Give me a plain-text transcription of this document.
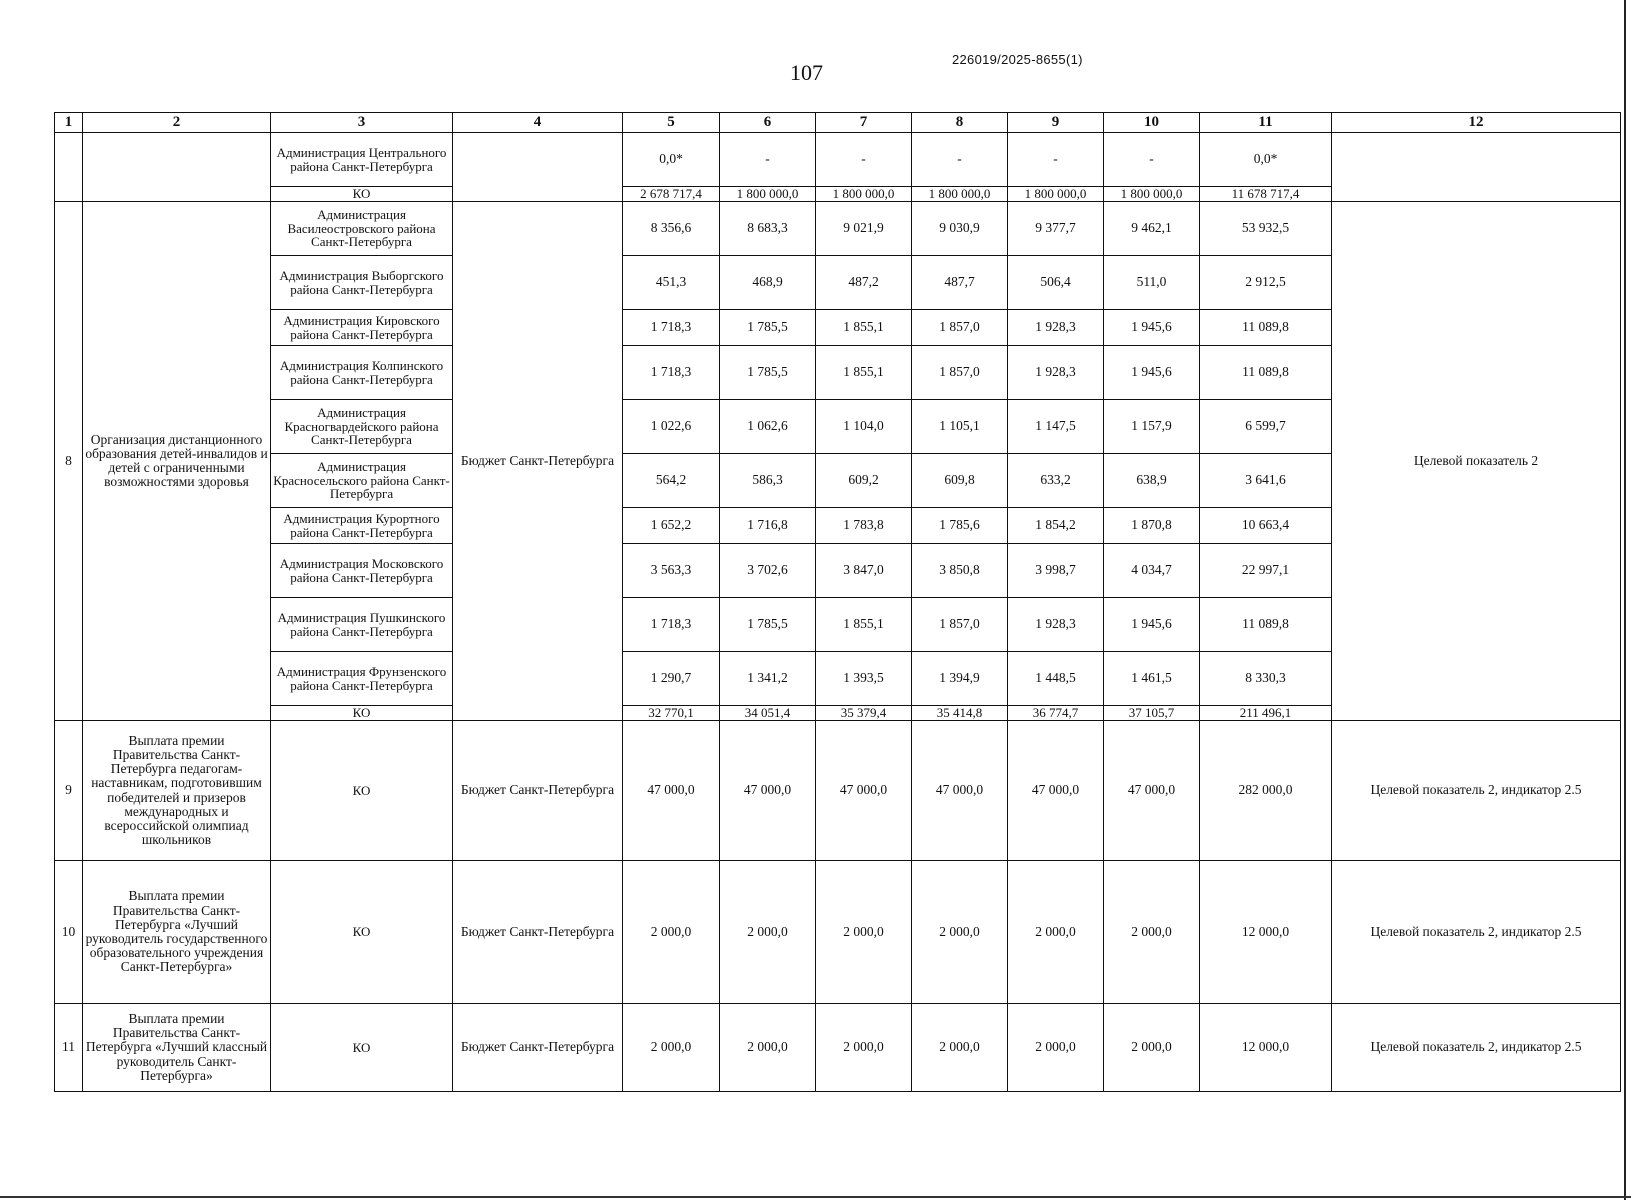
107
226019/2025-8655(1)
1	2	3	4	5	6	7	8	9	10	11	12
		Администрация Центрального района Санкт-Петербурга		0,0*	-	-	-	-	-	0,0*	
		КО		2 678 717,4	1 800 000,0	1 800 000,0	1 800 000,0	1 800 000,0	1 800 000,0	11 678 717,4	
8	Организация дистанционного образования детей-инвалидов и детей с ограниченными возможностями здоровья	Администрация Василеостровского района Санкт-Петербурга	Бюджет Санкт-Петербурга	8 356,6	8 683,3	9 021,9	9 030,9	9 377,7	9 462,1	53 932,5	Целевой показатель 2
		Администрация Выборгского района Санкт-Петербурга		451,3	468,9	487,2	487,7	506,4	511,0	2 912,5	
		Администрация Кировского района Санкт-Петербурга		1 718,3	1 785,5	1 855,1	1 857,0	1 928,3	1 945,6	11 089,8	
		Администрация Колпинского района Санкт-Петербурга		1 718,3	1 785,5	1 855,1	1 857,0	1 928,3	1 945,6	11 089,8	
		Администрация Красногвардейского района Санкт-Петербурга		1 022,6	1 062,6	1 104,0	1 105,1	1 147,5	1 157,9	6 599,7	
		Администрация Красносельского района Санкт-Петербурга		564,2	586,3	609,2	609,8	633,2	638,9	3 641,6	
		Администрация Курортного района Санкт-Петербурга		1 652,2	1 716,8	1 783,8	1 785,6	1 854,2	1 870,8	10 663,4	
		Администрация Московского района Санкт-Петербурга		3 563,3	3 702,6	3 847,0	3 850,8	3 998,7	4 034,7	22 997,1	
		Администрация Пушкинского района Санкт-Петербурга		1 718,3	1 785,5	1 855,1	1 857,0	1 928,3	1 945,6	11 089,8	
		Администрация Фрунзенского района Санкт-Петербурга		1 290,7	1 341,2	1 393,5	1 394,9	1 448,5	1 461,5	8 330,3	
		КО		32 770,1	34 051,4	35 379,4	35 414,8	36 774,7	37 105,7	211 496,1	
9	Выплата премии Правительства Санкт-Петербурга педагогам-наставникам, подготовившим победителей и призеров международных и всероссийской олимпиад школьников	КО	Бюджет Санкт-Петербурга	47 000,0	47 000,0	47 000,0	47 000,0	47 000,0	47 000,0	282 000,0	Целевой показатель 2, индикатор 2.5
10	Выплата премии Правительства Санкт-Петербурга «Лучший руководитель государственного образовательного учреждения Санкт-Петербурга»	КО	Бюджет Санкт-Петербурга	2 000,0	2 000,0	2 000,0	2 000,0	2 000,0	2 000,0	12 000,0	Целевой показатель 2, индикатор 2.5
11	Выплата премии Правительства Санкт-Петербурга «Лучший классный руководитель Санкт-Петербурга»	КО	Бюджет Санкт-Петербурга	2 000,0	2 000,0	2 000,0	2 000,0	2 000,0	2 000,0	12 000,0	Целевой показатель 2, индикатор 2.5
